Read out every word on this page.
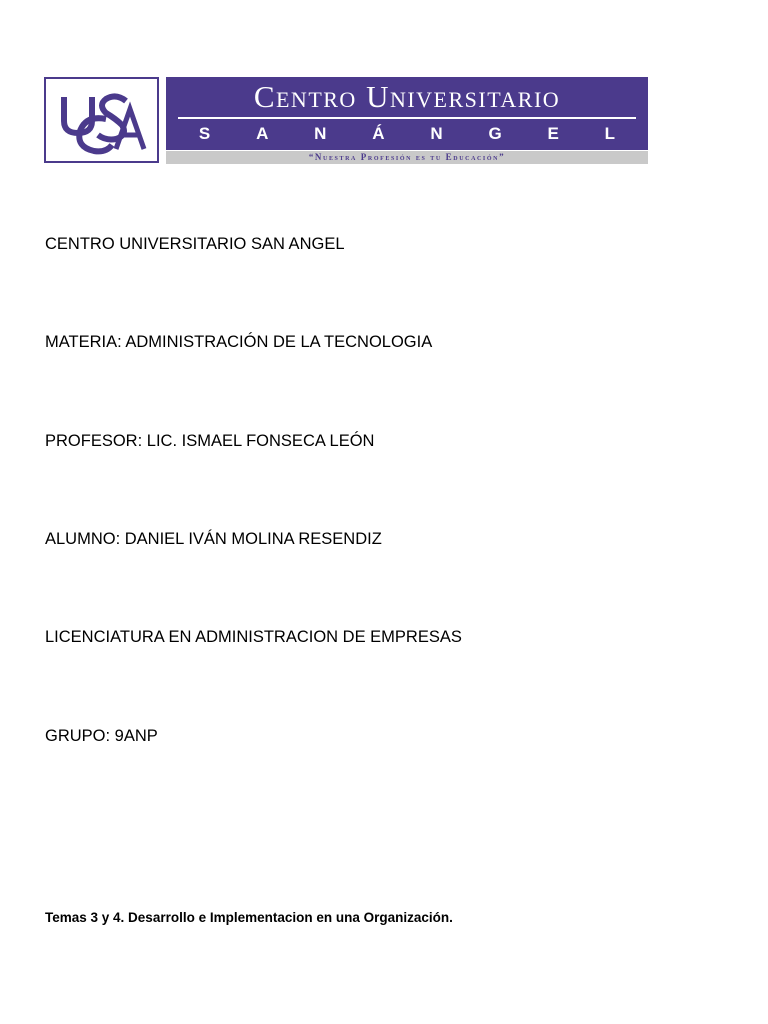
Centro Universitario
S	A	N	Á	N	G	E	L
“Nuestra Profesión es tu Educación”
CENTRO UNIVERSITARIO SAN ANGEL
MATERIA: ADMINISTRACIÓN DE LA TECNOLOGIA
PROFESOR: LIC. ISMAEL FONSECA LEÓN
ALUMNO: DANIEL IVÁN MOLINA RESENDIZ
LICENCIATURA EN ADMINISTRACION DE EMPRESAS
GRUPO: 9ANP
Temas 3 y 4. Desarrollo e Implementacion en una Organización.
